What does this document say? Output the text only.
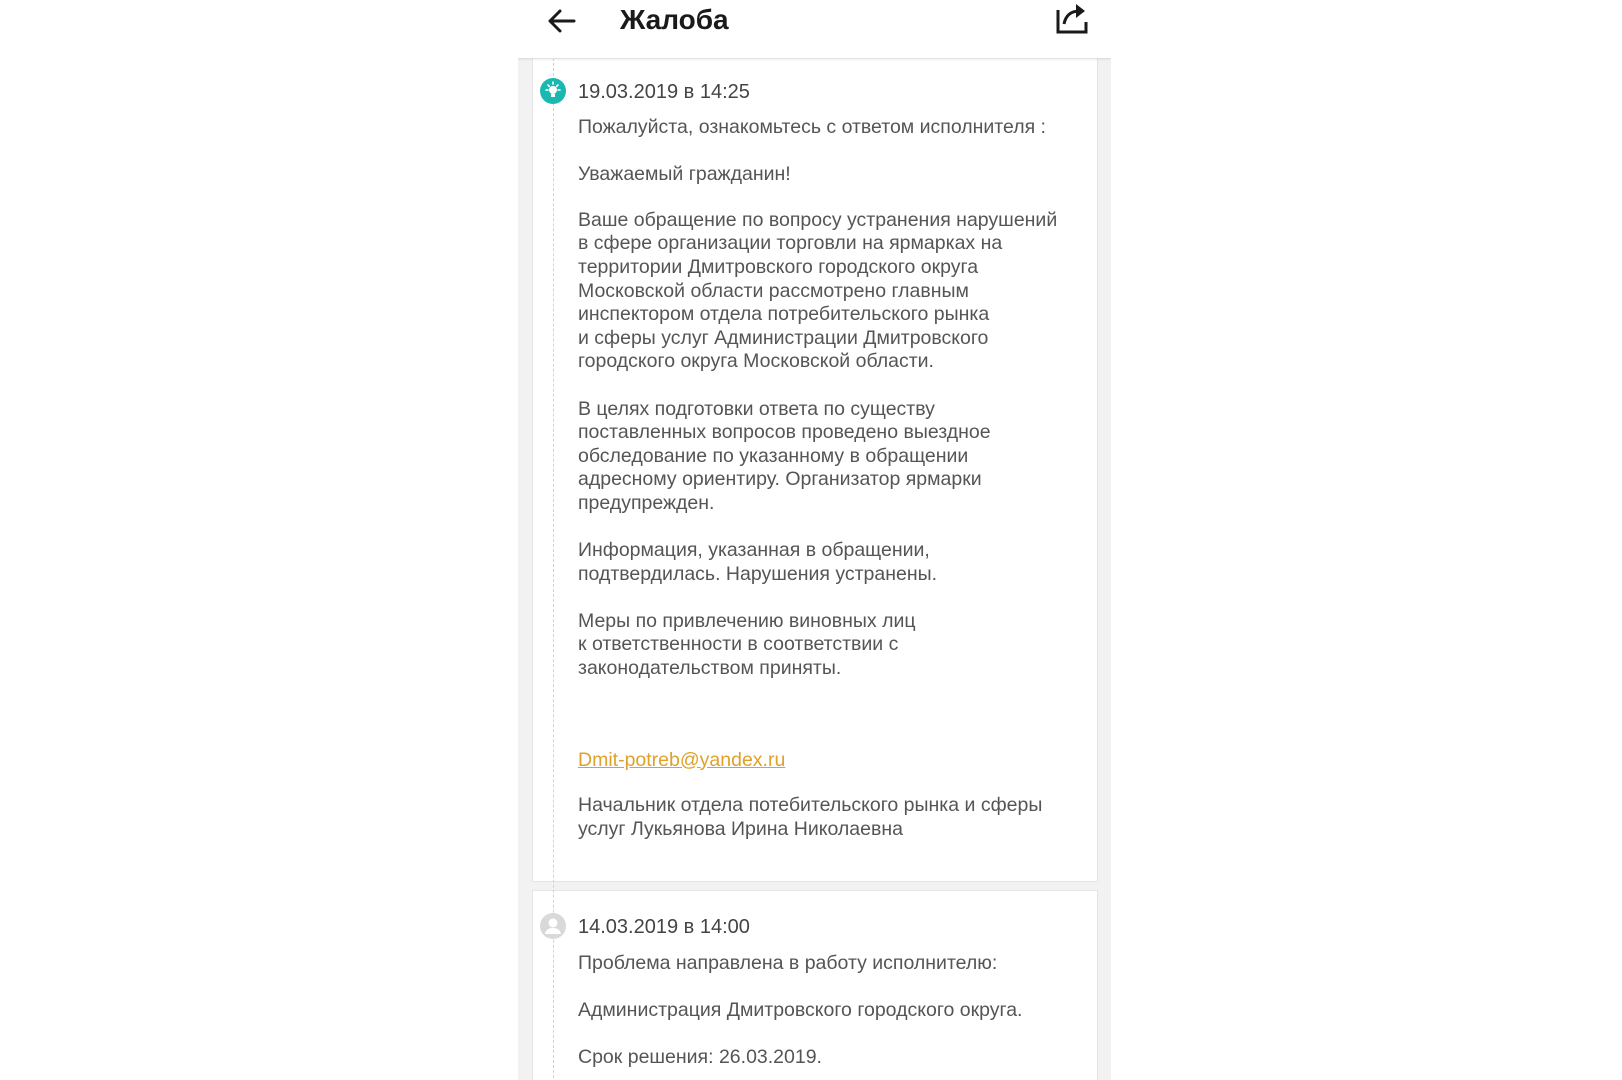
Жалоба
19.03.2019 в 14:25

Пожалуйста, ознакомьтесь с ответом исполнителя :

Уважаемый гражданин!

Ваше обращение по вопросу устранения нарушений
в сфере организации торговли на ярмарках на
территории Дмитровского городского округа
Московской области рассмотрено главным
инспектором отдела потребительского рынка
и сферы услуг Администрации Дмитровского
городского округа Московской области.

В целях подготовки ответа по существу
поставленных вопросов проведено выездное
обследование по указанному в обращении
адресному ориентиру. Организатор ярмарки
предупрежден.

Информация, указанная в обращении,
подтвердилась. Нарушения устранены.

Меры по привлечению виновных лиц
к ответственности в соответствии с
законодательством приняты.

Dmit-potreb@yandex.ru

Начальник отдела потебительского рынка и сферы
услуг Лукьянова Ирина Николаевна

14.03.2019 в 14:00

Проблема направлена в работу исполнителю:

Администрация Дмитровского городского округа.

Срок решения: 26.03.2019.
